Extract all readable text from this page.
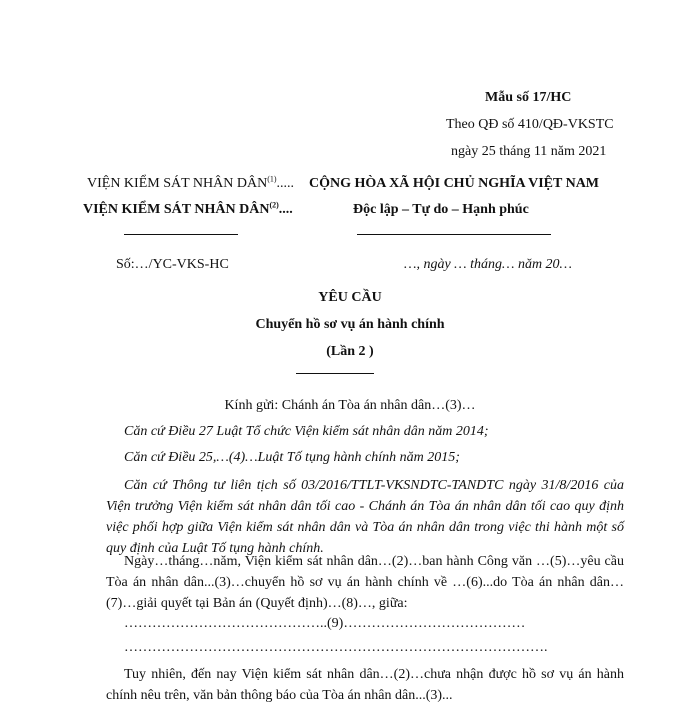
Mẫu số 17/HC
Theo QĐ số 410/QĐ-VKSTC
ngày 25 tháng 11 năm 2021
VIỆN KIỂM SÁT NHÂN DÂN$^{(1)}$.....
VIỆN KIỂM SÁT NHÂN DÂN$^{(2)}$....
CỘNG HÒA XÃ HỘI CHỦ NGHĨA VIỆT NAM
Độc lập – Tự do – Hạnh phúc
Số:…/YC-VKS-HC	…, ngày … tháng… năm 20…
YÊU CẦU
Chuyển hồ sơ vụ án hành chính
(Lần 2 )
Kính gửi: Chánh án Tòa án nhân dân…(3)…
Căn cứ Điều 27 Luật Tổ chức Viện kiểm sát nhân dân năm 2014;
Căn cứ Điều 25,…(4)…Luật Tố tụng hành chính năm 2015;
Căn cứ Thông tư liên tịch số 03/2016/TTLT-VKSNDTC-TANDTC ngày 31/8/2016 của Viện trưởng Viện kiểm sát nhân dân tối cao - Chánh án Tòa án nhân dân tối cao quy định việc phối hợp giữa Viện kiểm sát nhân dân và Tòa án nhân dân trong việc thi hành một số quy định của Luật Tố tụng hành chính.
Ngày…tháng…năm, Viện kiểm sát nhân dân…(2)…ban hành Công văn …(5)…yêu cầu Tòa án nhân dân...(3)…chuyển hồ sơ vụ án hành chính về …(6)...do Tòa án nhân dân…(7)…giải quyết tại Bản án (Quyết định)…(8)…, giữa:
……………………………………..(9)…………………………………
……………………………………………………………………………….
Tuy nhiên, đến nay Viện kiểm sát nhân dân…(2)…chưa nhận được hồ sơ vụ án hành chính nêu trên, văn bản thông báo của Tòa án nhân dân...(3)...
